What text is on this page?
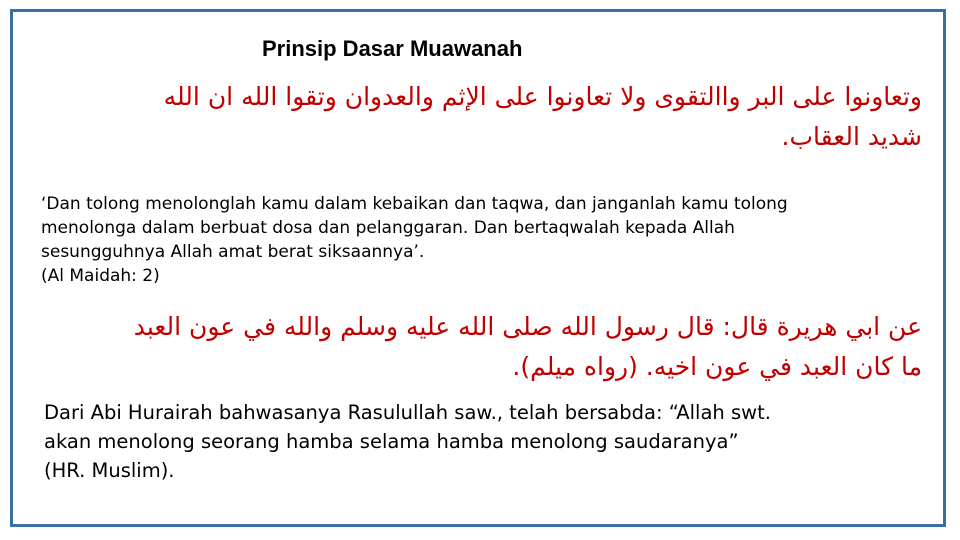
Prinsip Dasar Muawanah
وتعاونوا على البر واالتقوى ولا تعاونوا على الإثم والعدوان وتقوا الله ان الله
شديد العقاب.
‘Dan tolong menolonglah kamu dalam kebaikan dan taqwa, dan janganlah kamu tolong
menolonga dalam berbuat dosa dan pelanggaran. Dan bertaqwalah kepada Allah
sesungguhnya Allah amat berat siksaannya’.
(Al Maidah: 2)
عن ابي هريرة قال: قال رسول الله صلى الله عليه وسلم والله في عون العبد
ما كان العبد في عون اخيه. (رواه ميلم).
Dari Abi Hurairah bahwasanya Rasulullah saw., telah bersabda: “Allah swt.
akan menolong seorang hamba selama hamba menolong saudaranya”
(HR. Muslim).
